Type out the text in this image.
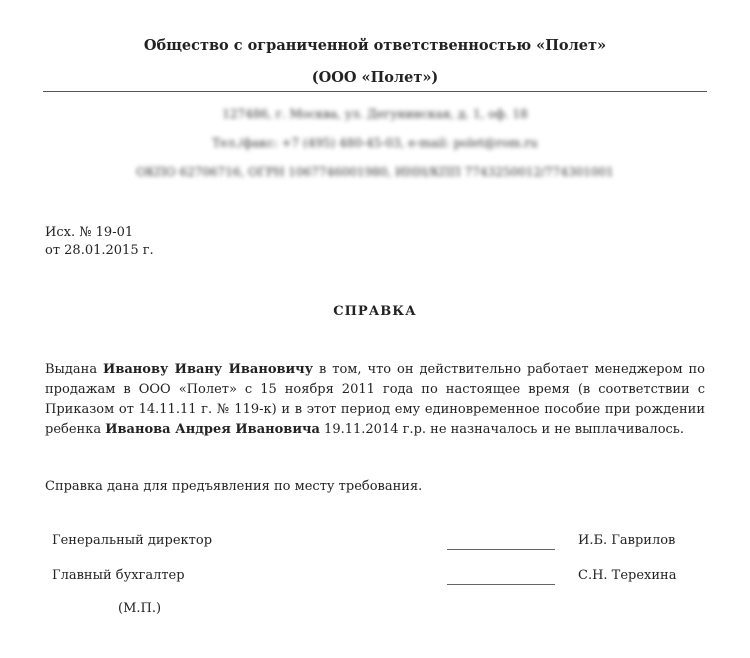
Общество с ограниченной ответственностью «Полет»
(ООО «Полет»)
127486, г. Москва, ул. Дегунинская, д. 1, оф. 18
Тел./факс: +7 (495) 480-45-03, e-mail: polet@rom.ru
ОКПО 62706716, ОГРН 1067746001980, ИНН/КПП 7743250012/774301001
Исх. № 19-01
от 28.01.2015 г.
СПРАВКА
Выдана Иванову Ивану Ивановичу в том, что он действительно работает менеджером по продажам в ООО «Полет» с 15 ноября 2011 года по настоящее время (в соответствии с Приказом от 14.11.11 г. № 119-к) и в этот период ему единовременное пособие при рождении ребенка Иванова Андрея Ивановича 19.11.2014 г.р. не назначалось и не выплачивалось.
Справка дана для предъявления по месту требования.
Генеральный директор	И.Б. Гаврилов
Главный бухгалтер	С.Н. Терехина
(М.П.)
